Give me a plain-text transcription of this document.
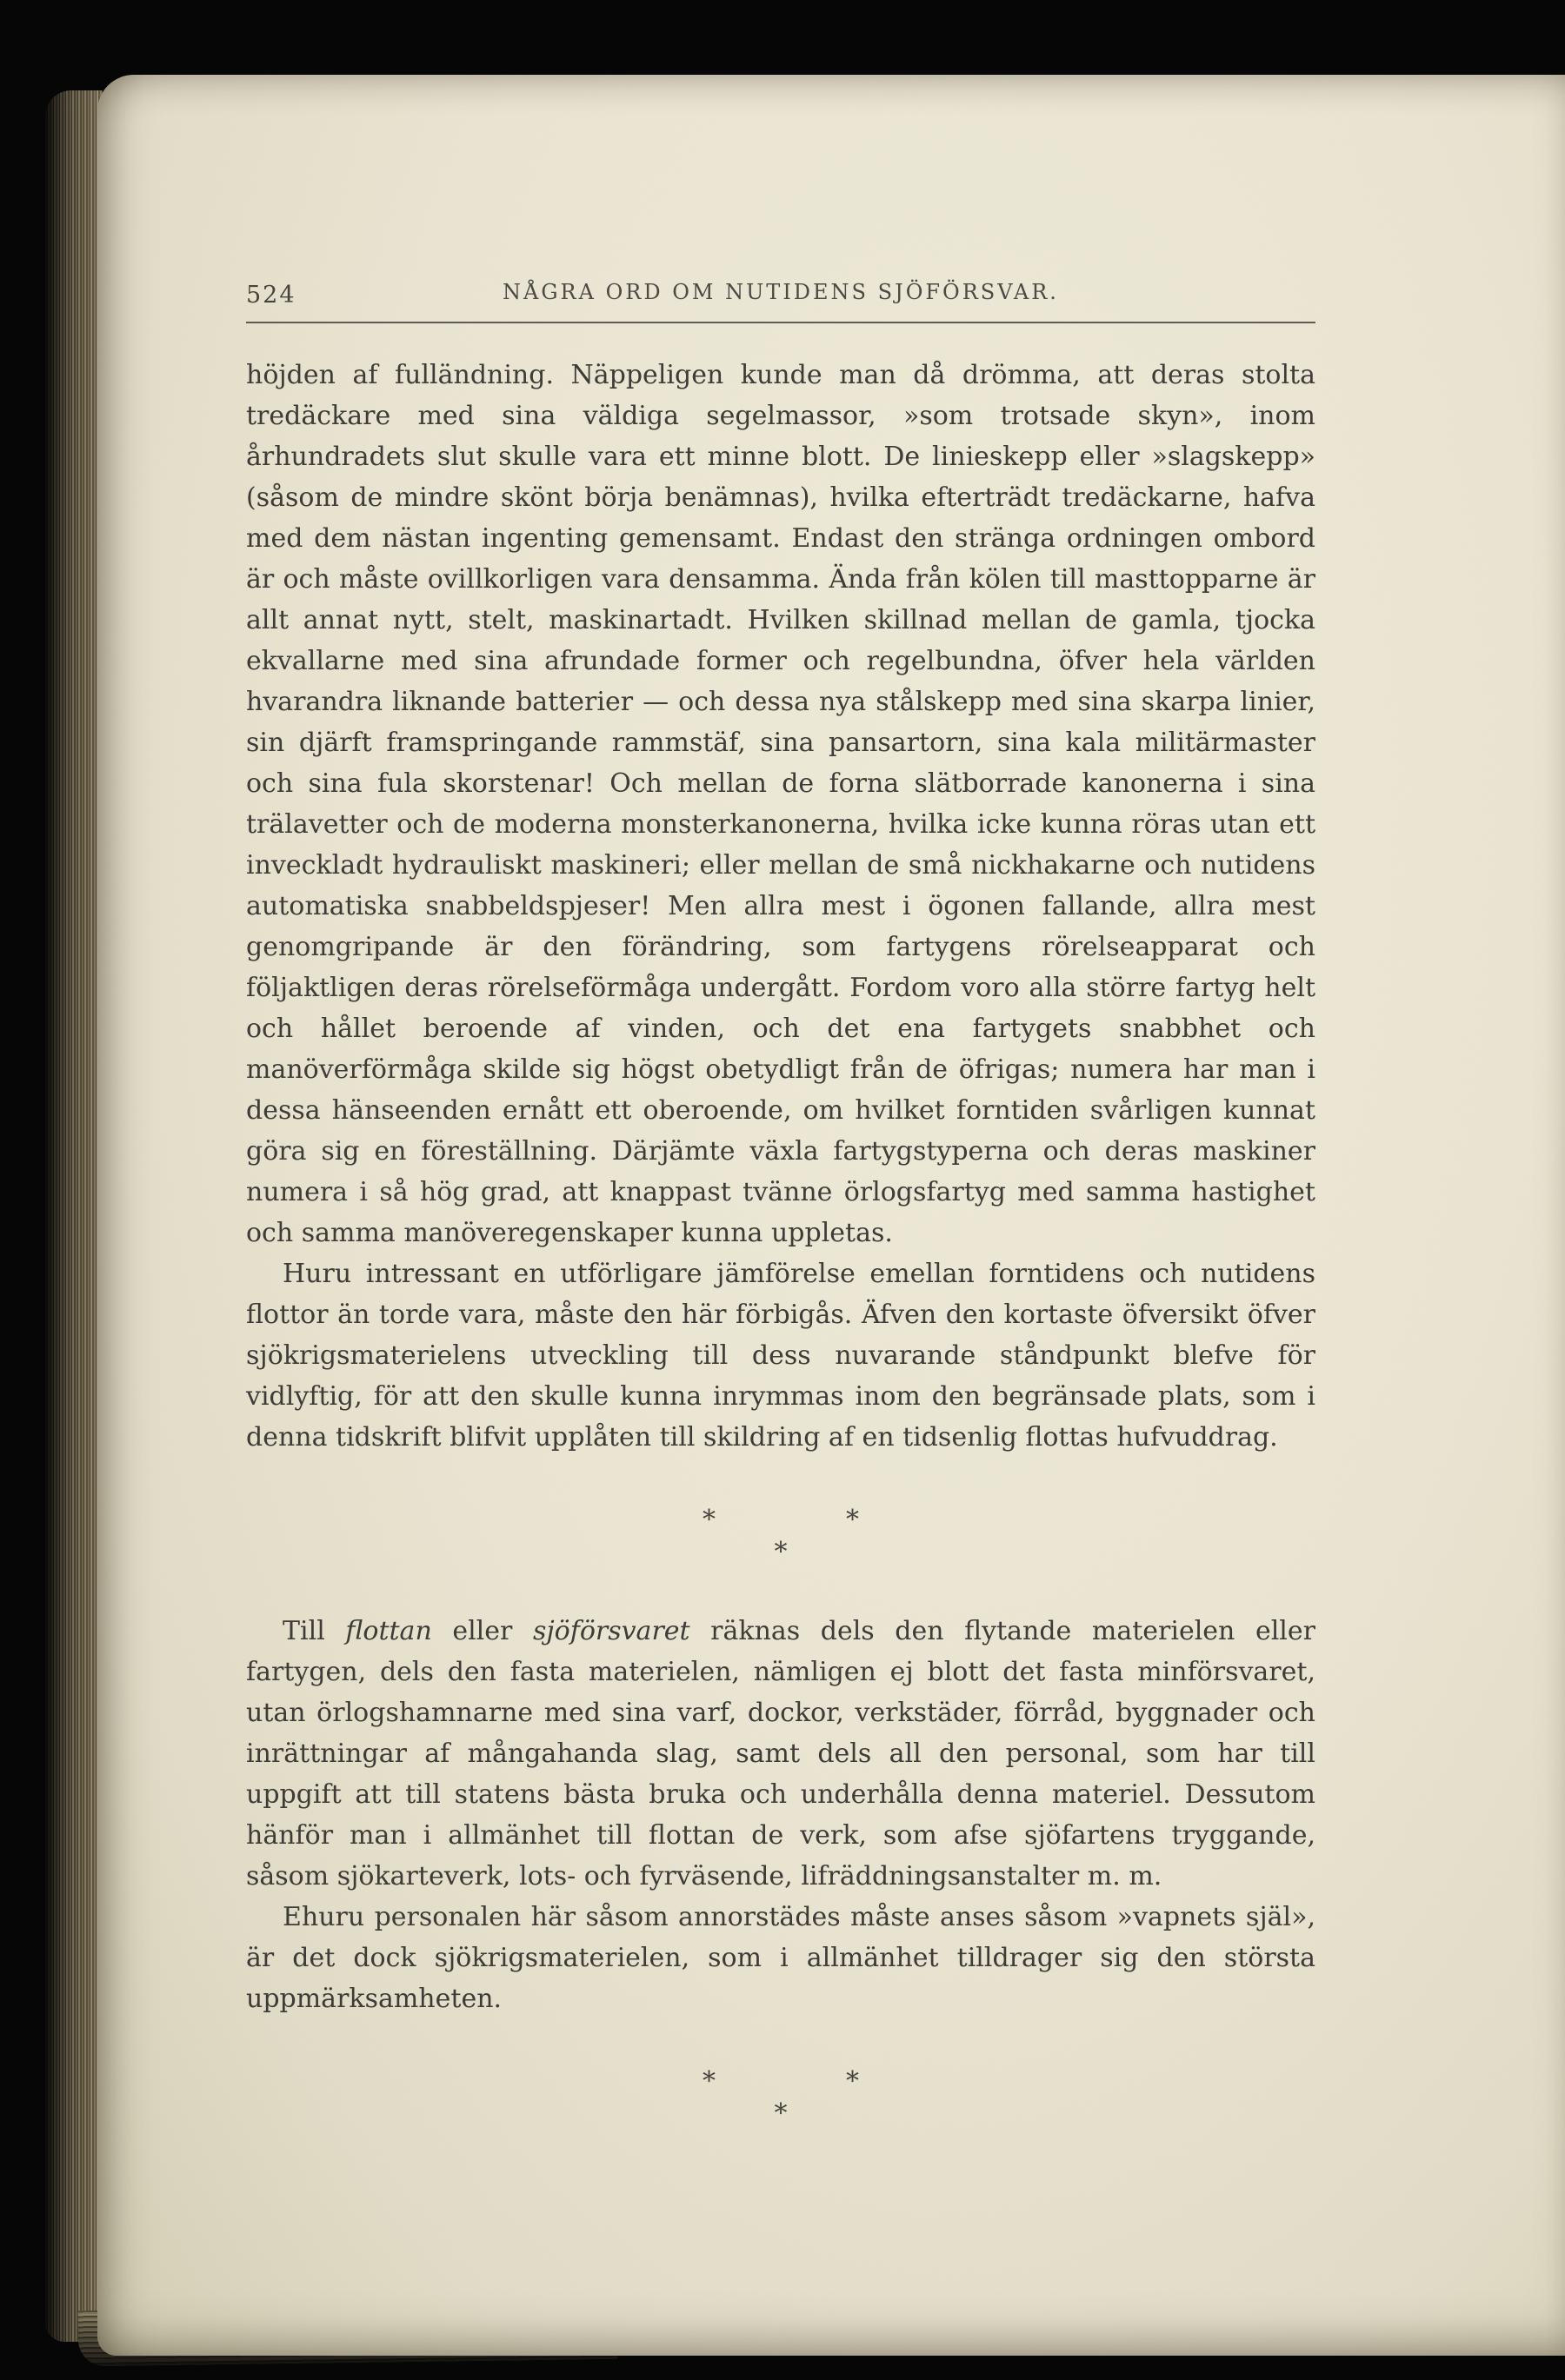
524	NÅGRA ORD OM NUTIDENS SJÖFÖRSVAR.

höjden af fulländning. Näppeligen kunde man då drömma, att deras stolta tredäckare med sina väldiga segelmassor, »som trotsade skyn», inom århundradets slut skulle vara ett minne blott. De linieskepp eller »slagskepp» (såsom de mindre skönt börja benämnas), hvilka efterträdt tredäckarne, hafva med dem nästan ingenting gemensamt. Endast den stränga ordningen ombord är och måste ovillkorligen vara densamma. Ända från kölen till masttopparne är allt annat nytt, stelt, maskinartadt. Hvilken skillnad mellan de gamla, tjocka ekvallarne med sina afrundade former och regelbundna, öfver hela världen hvarandra liknande batterier — och dessa nya stålskepp med sina skarpa linier, sin djärft framspringande rammstäf, sina pansartorn, sina kala militärmaster och sina fula skorstenar! Och mellan de forna slätborrade kanonerna i sina trälavetter och de moderna monsterkanonerna, hvilka icke kunna röras utan ett inveckladt hydrauliskt maskineri; eller mellan de små nickhakarne och nutidens automatiska snabbeldspjeser! Men allra mest i ögonen fallande, allra mest genomgripande är den förändring, som fartygens rörelseapparat och följaktligen deras rörelseförmåga undergått. Fordom voro alla större fartyg helt och hållet beroende af vinden, och det ena fartygets snabbhet och manöverförmåga skilde sig högst obetydligt från de öfrigas; numera har man i dessa hänseenden ernått ett oberoende, om hvilket forntiden svårligen kunnat göra sig en föreställning. Därjämte växla fartygstyperna och deras maskiner numera i så hög grad, att knappast tvänne örlogsfartyg med samma hastighet och samma manöveregenskaper kunna uppletas.

Huru intressant en utförligare jämförelse emellan forntidens och nutidens flottor än torde vara, måste den här förbigås. Äfven den kortaste öfversikt öfver sjökrigsmaterielens utveckling till dess nuvarande ståndpunkt blefve för vidlyftig, för att den skulle kunna inrymmas inom den begränsade plats, som i denna tidskrift blifvit upplåten till skildring af en tidsenlig flottas hufvuddrag.

*	*
*

Till flottan eller sjöförsvaret räknas dels den flytande materielen eller fartygen, dels den fasta materielen, nämligen ej blott det fasta minförsvaret, utan örlogshamnarne med sina varf, dockor, verkstäder, förråd, byggnader och inrättningar af mångahanda slag, samt dels all den personal, som har till uppgift att till statens bästa bruka och underhålla denna materiel. Dessutom hänför man i allmänhet till flottan de verk, som afse sjöfartens tryggande, såsom sjökarteverk, lots- och fyrväsende, lifräddningsanstalter m. m.

Ehuru personalen här såsom annorstädes måste anses såsom »vapnets själ», är det dock sjökrigsmaterielen, som i allmänhet tilldrager sig den största uppmärksamheten.

*	*
*
